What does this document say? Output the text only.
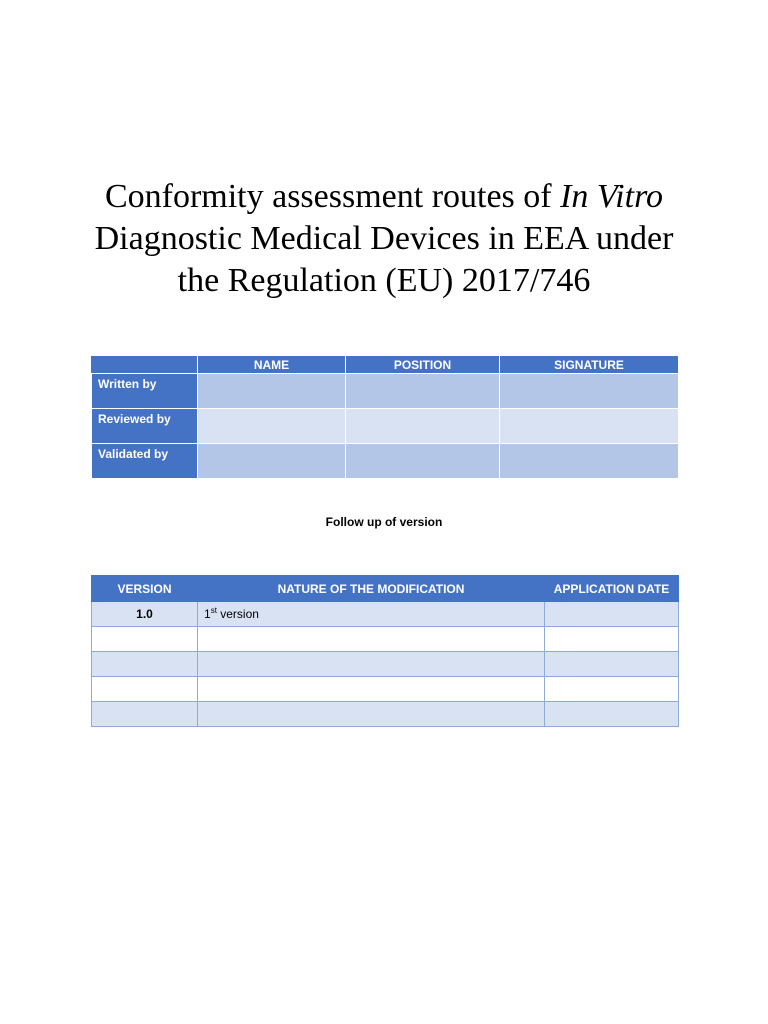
Conformity assessment routes of In Vitro
Diagnostic Medical Devices in EEA under
the Regulation (EU) 2017/746
	NAME	POSITION	SIGNATURE
Written by			
Reviewed by			
Validated by			
Follow up of version
VERSION	NATURE OF THE MODIFICATION	APPLICATION DATE
1.0	1st version	
